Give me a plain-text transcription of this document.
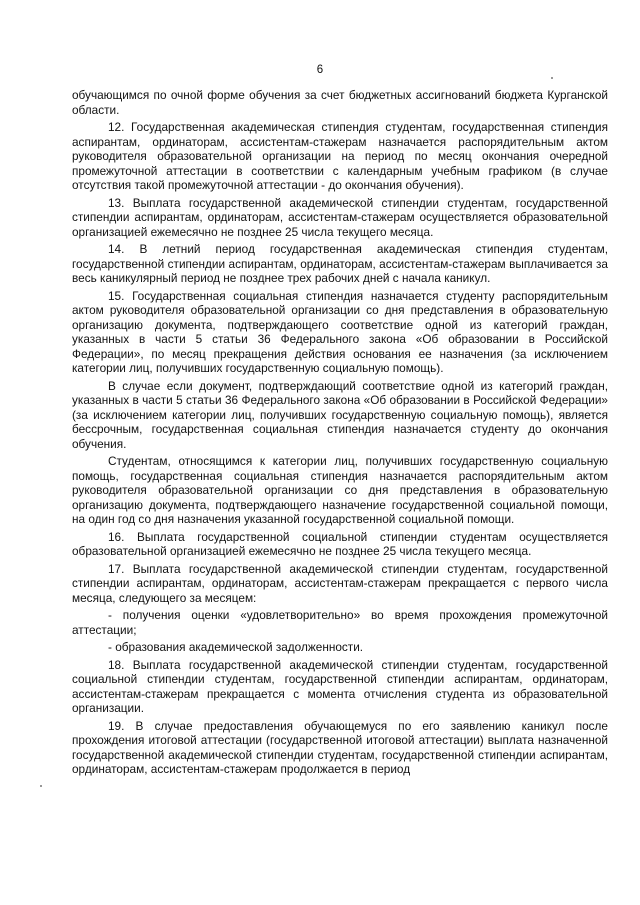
6

обучающимся по очной форме обучения за счет бюджетных ассигнований бюджета Курганской области.

12. Государственная академическая стипендия студентам, государственная стипендия аспирантам, ординаторам, ассистентам-стажерам назначается распорядительным актом руководителя образовательной организации на период по месяц окончания очередной промежуточной аттестации в соответствии с календарным учебным графиком (в случае отсутствия такой промежуточной аттестации - до окончания обучения).

13. Выплата государственной академической стипендии студентам, государственной стипендии аспирантам, ординаторам, ассистентам-стажерам осуществляется образовательной организацией ежемесячно не позднее 25 числа текущего месяца.

14. В летний период государственная академическая стипендия студентам, государственной стипендии аспирантам, ординаторам, ассистентам-стажерам выплачивается за весь каникулярный период не позднее трех рабочих дней с начала каникул.

15. Государственная социальная стипендия назначается студенту распорядительным актом руководителя образовательной организации со дня представления в образовательную организацию документа, подтверждающего соответствие одной из категорий граждан, указанных в части 5 статьи 36 Федерального закона «Об образовании в Российской Федерации», по месяц прекращения действия основания ее назначения (за исключением категории лиц, получивших государственную социальную помощь).

В случае если документ, подтверждающий соответствие одной из категорий граждан, указанных в части 5 статьи 36 Федерального закона «Об образовании в Российской Федерации» (за исключением категории лиц, получивших государственную социальную помощь), является бессрочным, государственная социальная стипендия назначается студенту до окончания обучения.

Студентам, относящимся к категории лиц, получивших государственную социальную помощь, государственная социальная стипендия назначается распорядительным актом руководителя образовательной организации со дня представления в образовательную организацию документа, подтверждающего назначение государственной социальной помощи, на один год со дня назначения указанной государственной социальной помощи.

16. Выплата государственной социальной стипендии студентам осуществляется образовательной организацией ежемесячно не позднее 25 числа текущего месяца.

17. Выплата государственной академической стипендии студентам, государственной стипендии аспирантам, ординаторам, ассистентам-стажерам прекращается с первого числа месяца, следующего за месяцем:

- получения оценки «удовлетворительно» во время прохождения промежуточной аттестации;

- образования академической задолженности.

18. Выплата государственной академической стипендии студентам, государственной социальной стипендии студентам, государственной стипендии аспирантам, ординаторам, ассистентам-стажерам прекращается с момента отчисления студента из образовательной организации.

19. В случае предоставления обучающемуся по его заявлению каникул после прохождения итоговой аттестации (государственной итоговой аттестации) выплата назначенной государственной академической стипендии студентам, государственной стипендии аспирантам, ординаторам, ассистентам-стажерам продолжается в период
